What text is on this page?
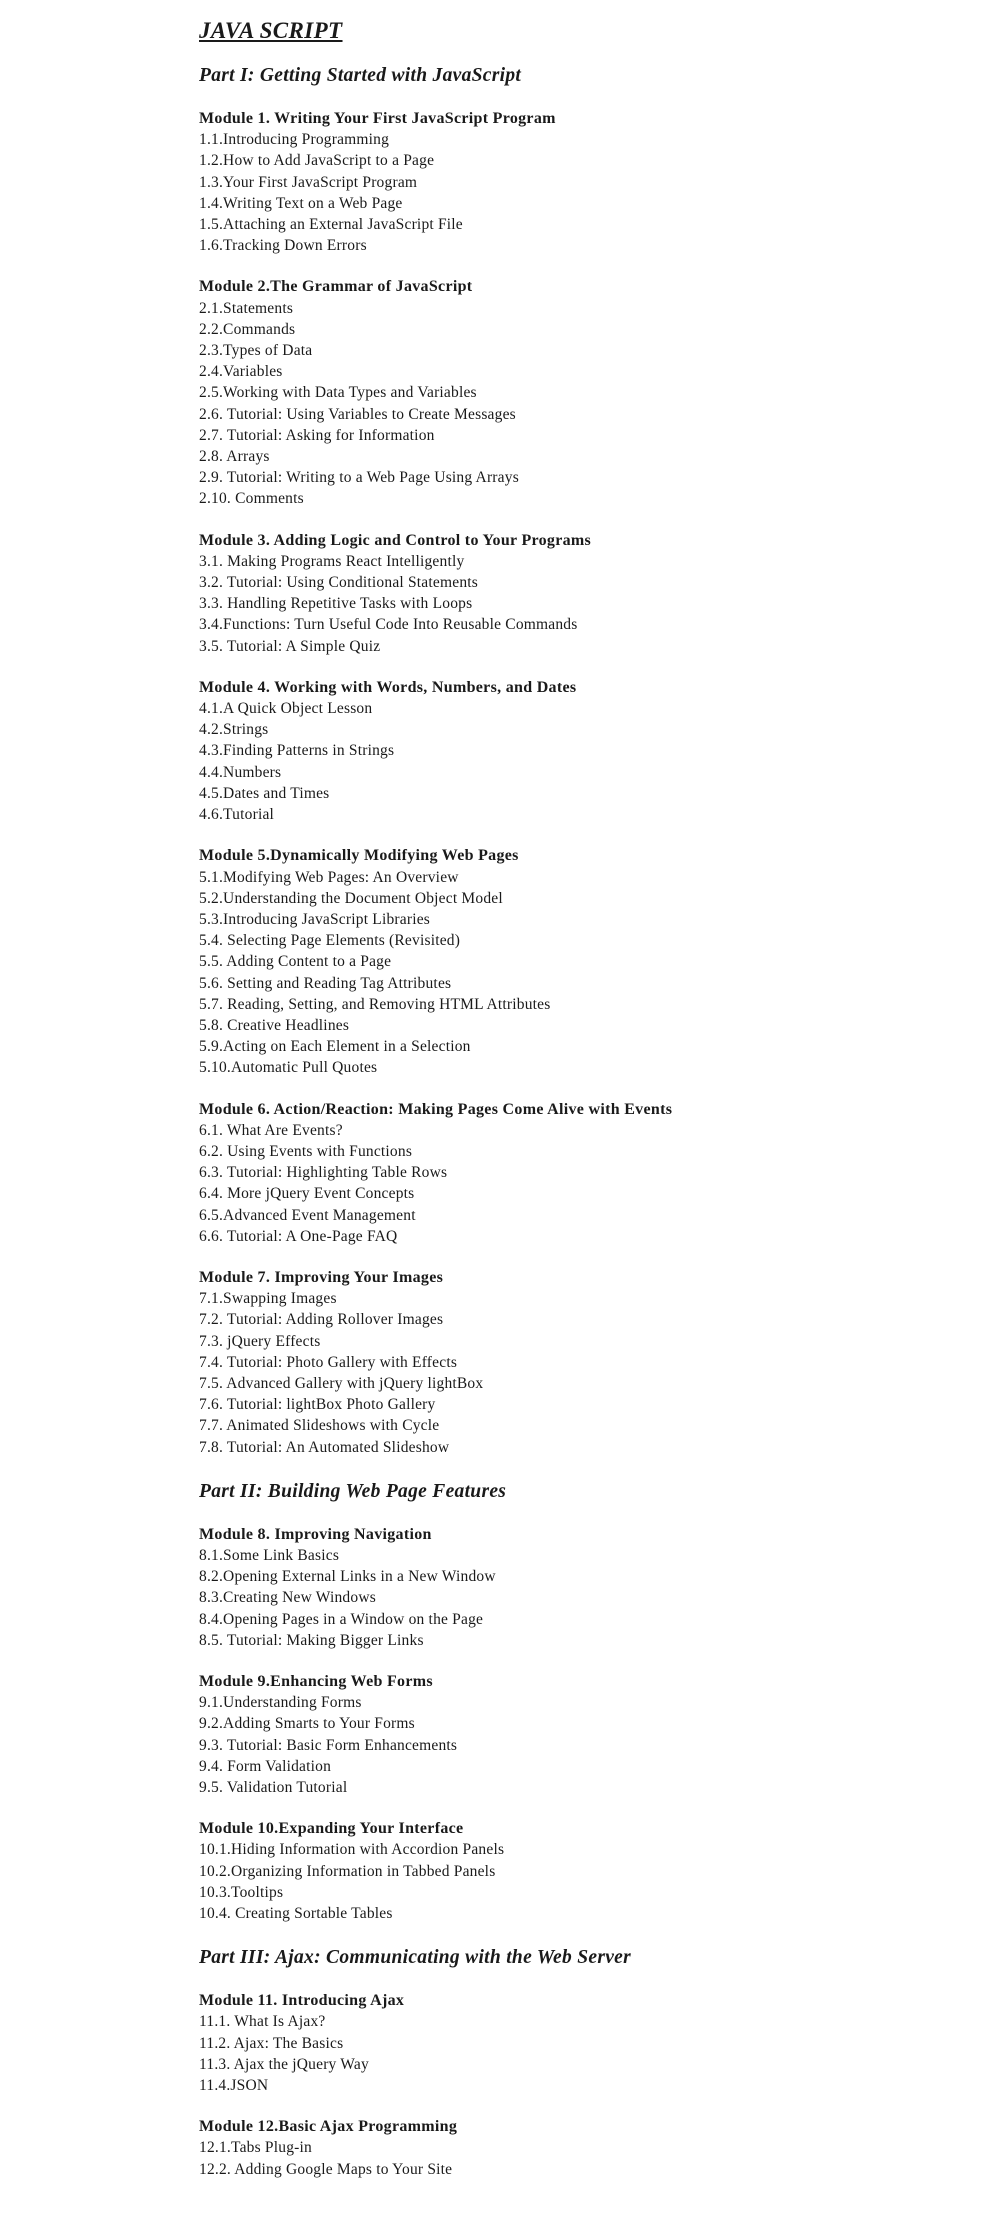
JAVA SCRIPT
Part I: Getting Started with JavaScript
Module 1. Writing Your First JavaScript Program
1.1.Introducing Programming
1.2.How to Add JavaScript to a Page
1.3.Your First JavaScript Program
1.4.Writing Text on a Web Page
1.5.Attaching an External JavaScript File
1.6.Tracking Down Errors
Module 2.The Grammar of JavaScript
2.1.Statements
2.2.Commands
2.3.Types of Data
2.4.Variables
2.5.Working with Data Types and Variables
2.6. Tutorial: Using Variables to Create Messages
2.7. Tutorial: Asking for Information
2.8. Arrays
2.9. Tutorial: Writing to a Web Page Using Arrays
2.10. Comments
Module 3. Adding Logic and Control to Your Programs
3.1. Making Programs React Intelligently
3.2. Tutorial: Using Conditional Statements
3.3. Handling Repetitive Tasks with Loops
3.4.Functions: Turn Useful Code Into Reusable Commands
3.5. Tutorial: A Simple Quiz
Module 4. Working with Words, Numbers, and Dates
4.1.A Quick Object Lesson
4.2.Strings
4.3.Finding Patterns in Strings
4.4.Numbers
4.5.Dates and Times
4.6.Tutorial
Module 5.Dynamically Modifying Web Pages
5.1.Modifying Web Pages: An Overview
5.2.Understanding the Document Object Model
5.3.Introducing JavaScript Libraries
5.4. Selecting Page Elements (Revisited)
5.5. Adding Content to a Page
5.6. Setting and Reading Tag Attributes
5.7. Reading, Setting, and Removing HTML Attributes
5.8. Creative Headlines
5.9.Acting on Each Element in a Selection
5.10.Automatic Pull Quotes
Module 6. Action/Reaction: Making Pages Come Alive with Events
6.1. What Are Events?
6.2. Using Events with Functions
6.3. Tutorial: Highlighting Table Rows
6.4. More jQuery Event Concepts
6.5.Advanced Event Management
6.6. Tutorial: A One-Page FAQ
Module 7. Improving Your Images
7.1.Swapping Images
7.2. Tutorial: Adding Rollover Images
7.3. jQuery Effects
7.4. Tutorial: Photo Gallery with Effects
7.5. Advanced Gallery with jQuery lightBox
7.6. Tutorial: lightBox Photo Gallery
7.7. Animated Slideshows with Cycle
7.8. Tutorial: An Automated Slideshow
Part II: Building Web Page Features
Module 8. Improving Navigation
8.1.Some Link Basics
8.2.Opening External Links in a New Window
8.3.Creating New Windows
8.4.Opening Pages in a Window on the Page
8.5. Tutorial: Making Bigger Links
Module 9.Enhancing Web Forms
9.1.Understanding Forms
9.2.Adding Smarts to Your Forms
9.3. Tutorial: Basic Form Enhancements
9.4. Form Validation
9.5. Validation Tutorial
Module 10.Expanding Your Interface
10.1.Hiding Information with Accordion Panels
10.2.Organizing Information in Tabbed Panels
10.3.Tooltips
10.4. Creating Sortable Tables
Part III: Ajax: Communicating with the Web Server
Module 11. Introducing Ajax
11.1. What Is Ajax?
11.2. Ajax: The Basics
11.3. Ajax the jQuery Way
11.4.JSON
Module 12.Basic Ajax Programming
12.1.Tabs Plug-in
12.2. Adding Google Maps to Your Site
